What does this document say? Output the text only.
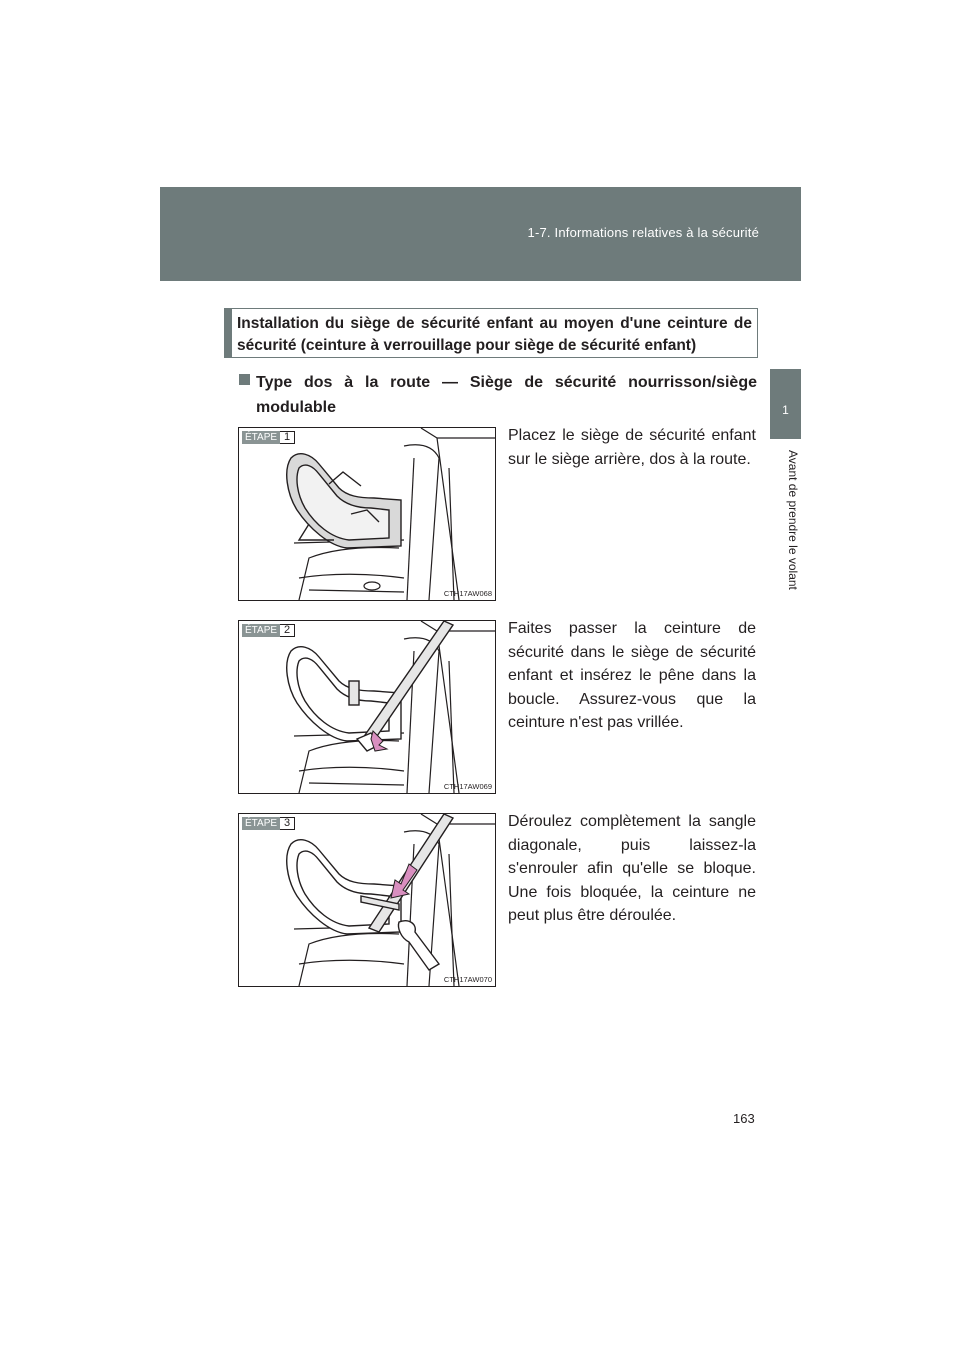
1-7. Informations relatives à la sécurité
1
Avant de prendre le volant
Installation du siège de sécurité enfant au moyen d'une ceinture de sécurité (ceinture à verrouillage pour siège de sécurité enfant)
Type dos à la route — Siège de sécurité nourrisson/siège modulable
ÉTAPE 1
CTH17AW068
Placez le siège de sécurité enfant sur le siège arrière, dos à la route.
ÉTAPE 2
CTH17AW069
Faites passer la ceinture de sécurité dans le siège de sécurité enfant et insérez le pêne dans la boucle. Assurez-vous que la ceinture n'est pas vrillée.
ÉTAPE 3
CTH17AW070
Déroulez complètement la sangle diagonale, puis laissez-la s'enrouler afin qu'elle se bloque. Une fois bloquée, la ceinture ne peut plus être déroulée.
163
